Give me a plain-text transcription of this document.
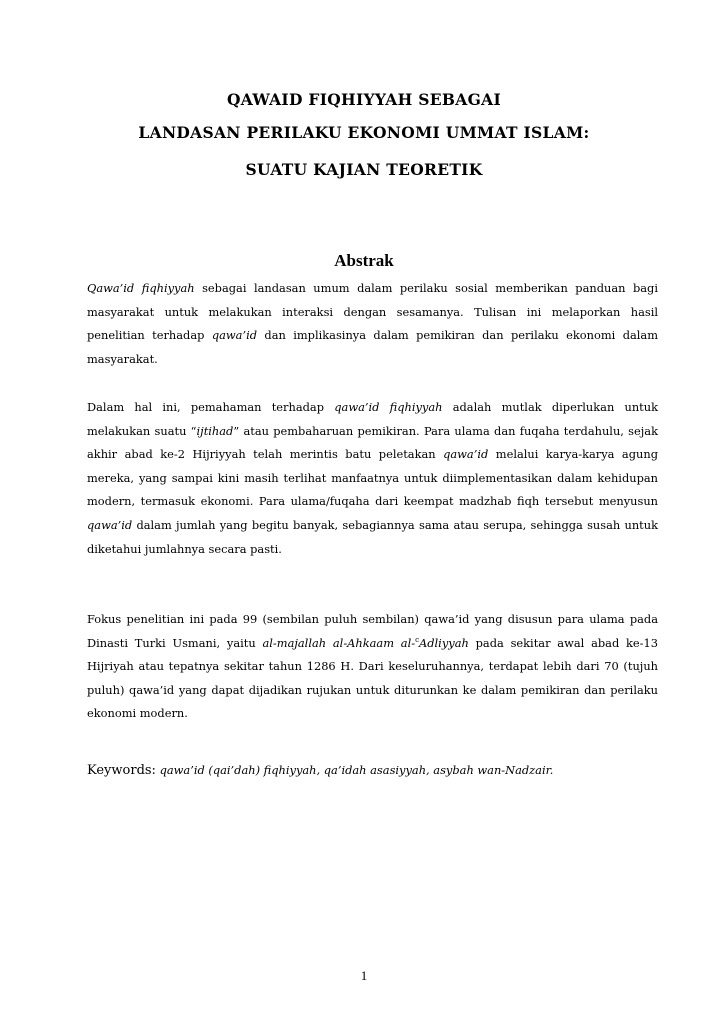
QAWAID FIQHIYYAH SEBAGAI
LANDASAN PERILAKU EKONOMI UMMAT ISLAM:
SUATU KAJIAN TEORETIK
Abstrak

Qawa’id fiqhiyyah sebagai landasan umum dalam perilaku sosial memberikan panduan bagi masyarakat untuk melakukan interaksi dengan sesamanya. Tulisan ini melaporkan hasil penelitian terhadap qawa’id dan implikasinya dalam pemikiran dan perilaku ekonomi dalam masyarakat.

Dalam hal ini, pemahaman terhadap qawa’id fiqhiyyah adalah mutlak diperlukan untuk melakukan suatu “ijtihad” atau pembaharuan pemikiran. Para ulama dan fuqaha terdahulu, sejak akhir abad ke-2 Hijriyyah telah merintis batu peletakan qawa’id melalui karya-karya agung mereka, yang sampai kini masih terlihat manfaatnya untuk diimplementasikan dalam kehidupan modern, termasuk ekonomi. Para ulama/fuqaha dari keempat madzhab fiqh tersebut menyusun qawa’id dalam jumlah yang begitu banyak, sebagiannya sama atau serupa, sehingga susah untuk diketahui jumlahnya secara pasti.

Fokus penelitian ini pada 99 (sembilan puluh sembilan) qawa’id yang disusun para ulama pada Dinasti Turki Usmani, yaitu al-majallah al-Ahkaam al-$^c$Adliyyah pada sekitar awal abad ke-13 Hijriyah atau tepatnya sekitar tahun 1286 H. Dari keseluruhannya, terdapat lebih dari 70 (tujuh puluh) qawa’id yang dapat dijadikan rujukan untuk diturunkan ke dalam pemikiran dan perilaku ekonomi modern.

Keywords: qawa’id (qai’dah) fiqhiyyah, qa’idah asasiyyah, asybah wan-Nadzair.

1
